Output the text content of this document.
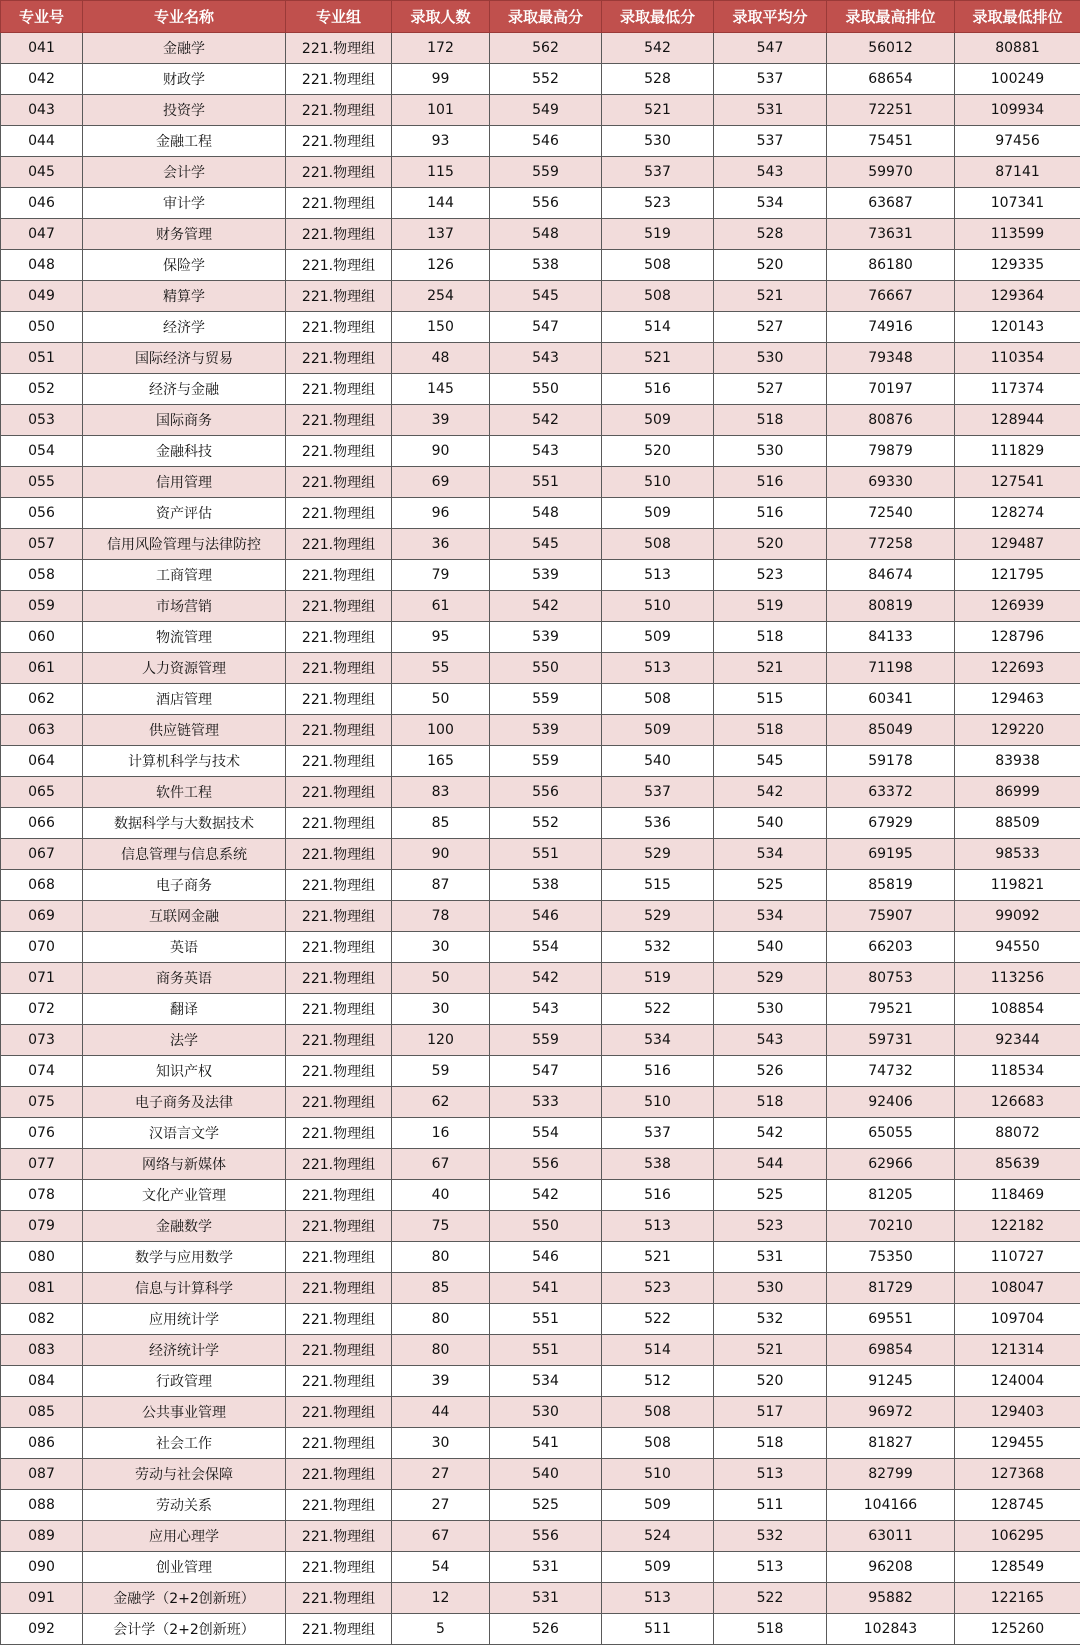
专业号	专业名称	专业组	录取人数	录取最高分	录取最低分	录取平均分	录取最高排位	录取最低排位
041	金融学	221.物理组	172	562	542	547	56012	80881
042	财政学	221.物理组	99	552	528	537	68654	100249
043	投资学	221.物理组	101	549	521	531	72251	109934
044	金融工程	221.物理组	93	546	530	537	75451	97456
045	会计学	221.物理组	115	559	537	543	59970	87141
046	审计学	221.物理组	144	556	523	534	63687	107341
047	财务管理	221.物理组	137	548	519	528	73631	113599
048	保险学	221.物理组	126	538	508	520	86180	129335
049	精算学	221.物理组	254	545	508	521	76667	129364
050	经济学	221.物理组	150	547	514	527	74916	120143
051	国际经济与贸易	221.物理组	48	543	521	530	79348	110354
052	经济与金融	221.物理组	145	550	516	527	70197	117374
053	国际商务	221.物理组	39	542	509	518	80876	128944
054	金融科技	221.物理组	90	543	520	530	79879	111829
055	信用管理	221.物理组	69	551	510	516	69330	127541
056	资产评估	221.物理组	96	548	509	516	72540	128274
057	信用风险管理与法律防控	221.物理组	36	545	508	520	77258	129487
058	工商管理	221.物理组	79	539	513	523	84674	121795
059	市场营销	221.物理组	61	542	510	519	80819	126939
060	物流管理	221.物理组	95	539	509	518	84133	128796
061	人力资源管理	221.物理组	55	550	513	521	71198	122693
062	酒店管理	221.物理组	50	559	508	515	60341	129463
063	供应链管理	221.物理组	100	539	509	518	85049	129220
064	计算机科学与技术	221.物理组	165	559	540	545	59178	83938
065	软件工程	221.物理组	83	556	537	542	63372	86999
066	数据科学与大数据技术	221.物理组	85	552	536	540	67929	88509
067	信息管理与信息系统	221.物理组	90	551	529	534	69195	98533
068	电子商务	221.物理组	87	538	515	525	85819	119821
069	互联网金融	221.物理组	78	546	529	534	75907	99092
070	英语	221.物理组	30	554	532	540	66203	94550
071	商务英语	221.物理组	50	542	519	529	80753	113256
072	翻译	221.物理组	30	543	522	530	79521	108854
073	法学	221.物理组	120	559	534	543	59731	92344
074	知识产权	221.物理组	59	547	516	526	74732	118534
075	电子商务及法律	221.物理组	62	533	510	518	92406	126683
076	汉语言文学	221.物理组	16	554	537	542	65055	88072
077	网络与新媒体	221.物理组	67	556	538	544	62966	85639
078	文化产业管理	221.物理组	40	542	516	525	81205	118469
079	金融数学	221.物理组	75	550	513	523	70210	122182
080	数学与应用数学	221.物理组	80	546	521	531	75350	110727
081	信息与计算科学	221.物理组	85	541	523	530	81729	108047
082	应用统计学	221.物理组	80	551	522	532	69551	109704
083	经济统计学	221.物理组	80	551	514	521	69854	121314
084	行政管理	221.物理组	39	534	512	520	91245	124004
085	公共事业管理	221.物理组	44	530	508	517	96972	129403
086	社会工作	221.物理组	30	541	508	518	81827	129455
087	劳动与社会保障	221.物理组	27	540	510	513	82799	127368
088	劳动关系	221.物理组	27	525	509	511	104166	128745
089	应用心理学	221.物理组	67	556	524	532	63011	106295
090	创业管理	221.物理组	54	531	509	513	96208	128549
091	金融学（2+2创新班）	221.物理组	12	531	513	522	95882	122165
092	会计学（2+2创新班）	221.物理组	5	526	511	518	102843	125260
